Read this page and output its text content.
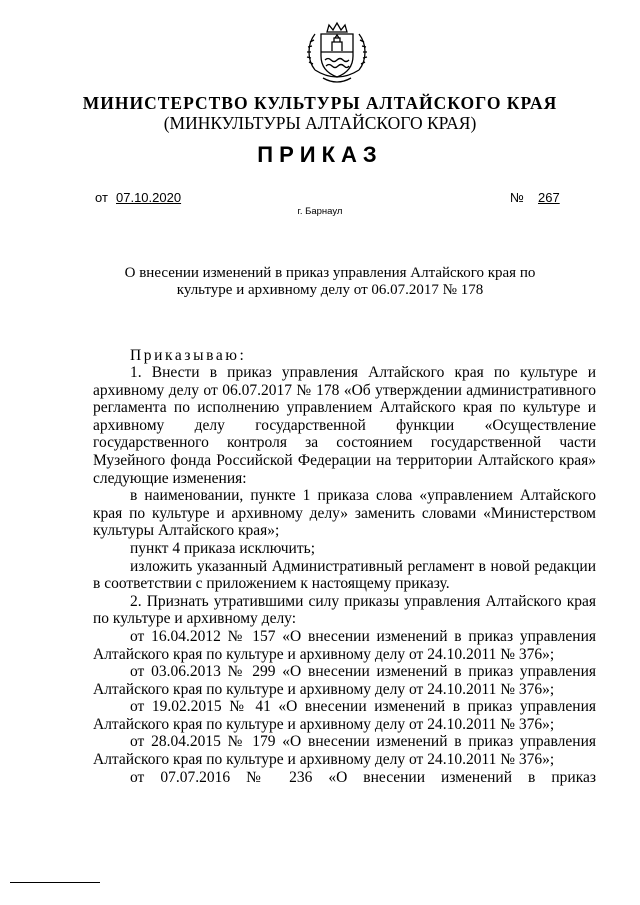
МИНИСТЕРСТВО КУЛЬТУРЫ АЛТАЙСКОГО КРАЯ
(МИНКУЛЬТУРЫ АЛТАЙСКОГО КРАЯ)
ПРИКАЗ
от 07.10.2020	№ 267
г. Барнаул
О внесении изменений в приказ управления Алтайского края по
культуре и архивному делу от 06.07.2017 № 178
Приказываю:

1. Внести в приказ управления Алтайского края по культуре и архивному делу от 06.07.2017 № 178 «Об утверждении административного регламента по исполнению управлением Алтайского края по культуре и архивному делу государственной функции «Осуществление государственного контроля за состоянием государственной части Музейного фонда Российской Федерации на территории Алтайского края» следующие изменения:

в наименовании, пункте 1 приказа слова «управлением Алтайского края по культуре и архивному делу» заменить словами «Министерством культуры Алтайского края»;

пункт 4 приказа исключить;

изложить указанный Административный регламент в новой редакции в соответствии с приложением к настоящему приказу.

2. Признать утратившими силу приказы управления Алтайского края по культуре и архивному делу:

от 16.04.2012 № 157 «О внесении изменений в приказ управления Алтайского края по культуре и архивному делу от 24.10.2011 № 376»;

от 03.06.2013 № 299 «О внесении изменений в приказ управления Алтайского края по культуре и архивному делу от 24.10.2011 № 376»;

от 19.02.2015 № 41 «О внесении изменений в приказ управления Алтайского края по культуре и архивному делу от 24.10.2011 № 376»;

от 28.04.2015 № 179 «О внесении изменений в приказ управления Алтайского края по культуре и архивному делу от 24.10.2011 № 376»;

от 07.07.2016 № 236 «О внесении изменений в приказ
